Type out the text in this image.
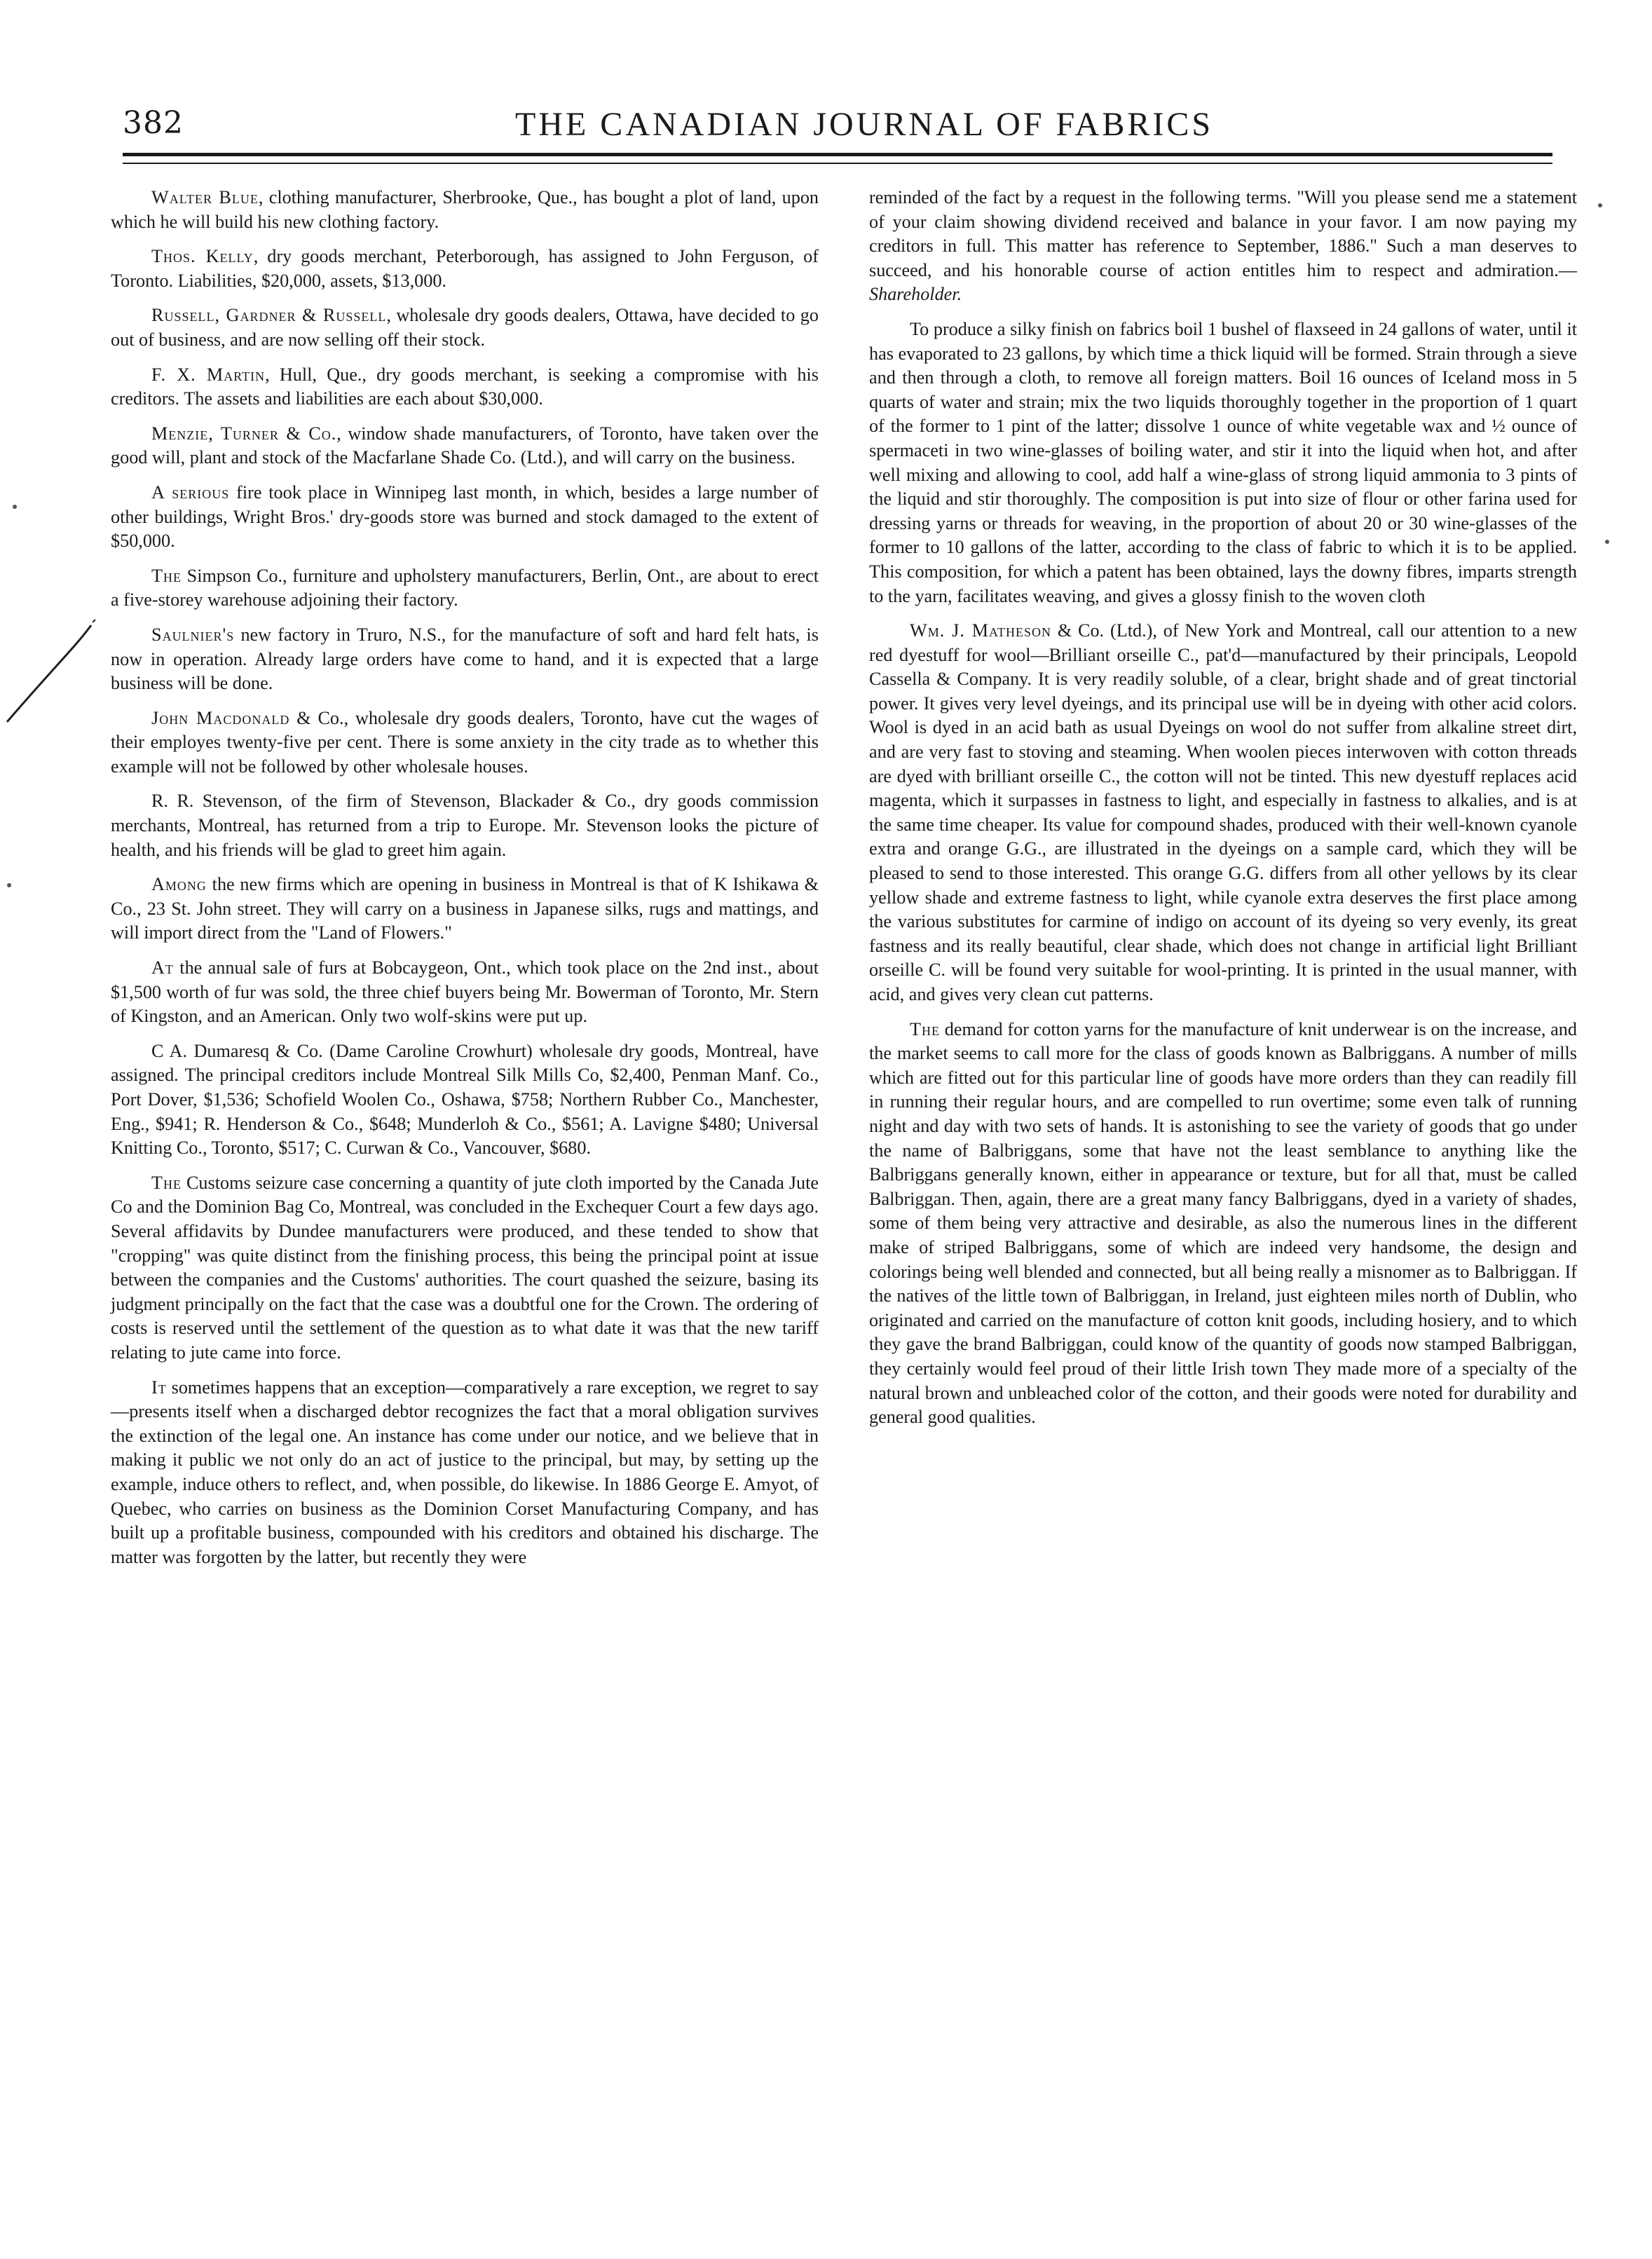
382	THE CANADIAN JOURNAL OF FABRICS

Walter Blue, clothing manufacturer, Sherbrooke, Que., has bought a plot of land, upon which he will build his new clothing factory.

Thos. Kelly, dry goods merchant, Peterborough, has assigned to John Ferguson, of Toronto. Liabilities, $20,000, assets, $13,000.

Russell, Gardner & Russell, wholesale dry goods dealers, Ottawa, have decided to go out of business, and are now selling off their stock.

F. X. Martin, Hull, Que., dry goods merchant, is seeking a compromise with his creditors. The assets and liabilities are each about $30,000.

Menzie, Turner & Co., window shade manufacturers, of Toronto, have taken over the good will, plant and stock of the Macfarlane Shade Co. (Ltd.), and will carry on the business.

A serious fire took place in Winnipeg last month, in which, besides a large number of other buildings, Wright Bros.' dry-goods store was burned and stock damaged to the extent of $50,000.

The Simpson Co., furniture and upholstery manufacturers, Berlin, Ont., are about to erect a five-storey warehouse adjoining their factory.

Saulnier's new factory in Truro, N.S., for the manufacture of soft and hard felt hats, is now in operation. Already large orders have come to hand, and it is expected that a large business will be done.

John Macdonald & Co., wholesale dry goods dealers, Toronto, have cut the wages of their employes twenty-five per cent. There is some anxiety in the city trade as to whether this example will not be followed by other wholesale houses.

R. R. Stevenson, of the firm of Stevenson, Blackader & Co., dry goods commission merchants, Montreal, has returned from a trip to Europe. Mr. Stevenson looks the picture of health, and his friends will be glad to greet him again.

Among the new firms which are opening in business in Montreal is that of K Ishikawa & Co., 23 St. John street. They will carry on a business in Japanese silks, rugs and mattings, and will import direct from the "Land of Flowers."

At the annual sale of furs at Bobcaygeon, Ont., which took place on the 2nd inst., about $1,500 worth of fur was sold, the three chief buyers being Mr. Bowerman of Toronto, Mr. Stern of Kingston, and an American. Only two wolf-skins were put up.

C A. Dumaresq & Co. (Dame Caroline Crowhurt) wholesale dry goods, Montreal, have assigned. The principal creditors include Montreal Silk Mills Co, $2,400, Penman Manf. Co., Port Dover, $1,536; Schofield Woolen Co., Oshawa, $758; Northern Rubber Co., Manchester, Eng., $941; R. Henderson & Co., $648; Munderloh & Co., $561; A. Lavigne $480; Universal Knitting Co., Toronto, $517; C. Curwan & Co., Vancouver, $680.

The Customs seizure case concerning a quantity of jute cloth imported by the Canada Jute Co and the Dominion Bag Co, Montreal, was concluded in the Exchequer Court a few days ago. Several affidavits by Dundee manufacturers were produced, and these tended to show that "cropping" was quite distinct from the finishing process, this being the principal point at issue between the companies and the Customs' authorities. The court quashed the seizure, basing its judgment principally on the fact that the case was a doubtful one for the Crown. The ordering of costs is reserved until the settlement of the question as to what date it was that the new tariff relating to jute came into force.

It sometimes happens that an exception—comparatively a rare exception, we regret to say—presents itself when a discharged debtor recognizes the fact that a moral obligation survives the extinction of the legal one. An instance has come under our notice, and we believe that in making it public we not only do an act of justice to the principal, but may, by setting up the example, induce others to reflect, and, when possible, do likewise. In 1886 George E. Amyot, of Quebec, who carries on business as the Dominion Corset Manufacturing Company, and has built up a profitable business, compounded with his creditors and obtained his discharge. The matter was forgotten by the latter, but recently they were

reminded of the fact by a request in the following terms. "Will you please send me a statement of your claim showing dividend received and balance in your favor. I am now paying my creditors in full. This matter has reference to September, 1886." Such a man deserves to succeed, and his honorable course of action entitles him to respect and admiration.—Shareholder.

To produce a silky finish on fabrics boil 1 bushel of flaxseed in 24 gallons of water, until it has evaporated to 23 gallons, by which time a thick liquid will be formed. Strain through a sieve and then through a cloth, to remove all foreign matters. Boil 16 ounces of Iceland moss in 5 quarts of water and strain; mix the two liquids thoroughly together in the proportion of 1 quart of the former to 1 pint of the latter; dissolve 1 ounce of white vegetable wax and ½ ounce of spermaceti in two wine-glasses of boiling water, and stir it into the liquid when hot, and after well mixing and allowing to cool, add half a wine-glass of strong liquid ammonia to 3 pints of the liquid and stir thoroughly. The composition is put into size of flour or other farina used for dressing yarns or threads for weaving, in the proportion of about 20 or 30 wine-glasses of the former to 10 gallons of the latter, according to the class of fabric to which it is to be applied. This composition, for which a patent has been obtained, lays the downy fibres, imparts strength to the yarn, facilitates weaving, and gives a glossy finish to the woven cloth

Wm. J. Matheson & Co. (Ltd.), of New York and Montreal, call our attention to a new red dyestuff for wool—Brilliant orseille C., pat'd—manufactured by their principals, Leopold Cassella & Company. It is very readily soluble, of a clear, bright shade and of great tinctorial power. It gives very level dyeings, and its principal use will be in dyeing with other acid colors. Wool is dyed in an acid bath as usual Dyeings on wool do not suffer from alkaline street dirt, and are very fast to stoving and steaming. When woolen pieces interwoven with cotton threads are dyed with brilliant orseille C., the cotton will not be tinted. This new dyestuff replaces acid magenta, which it surpasses in fastness to light, and especially in fastness to alkalies, and is at the same time cheaper. Its value for compound shades, produced with their well-known cyanole extra and orange G.G., are illustrated in the dyeings on a sample card, which they will be pleased to send to those interested. This orange G.G. differs from all other yellows by its clear yellow shade and extreme fastness to light, while cyanole extra deserves the first place among the various substitutes for carmine of indigo on account of its dyeing so very evenly, its great fastness and its really beautiful, clear shade, which does not change in artificial light Brilliant orseille C. will be found very suitable for wool-printing. It is printed in the usual manner, with acid, and gives very clean cut patterns.

The demand for cotton yarns for the manufacture of knit underwear is on the increase, and the market seems to call more for the class of goods known as Balbriggans. A number of mills which are fitted out for this particular line of goods have more orders than they can readily fill in running their regular hours, and are compelled to run overtime; some even talk of running night and day with two sets of hands. It is astonishing to see the variety of goods that go under the name of Balbriggans, some that have not the least semblance to anything like the Balbriggans generally known, either in appearance or texture, but for all that, must be called Balbriggan. Then, again, there are a great many fancy Balbriggans, dyed in a variety of shades, some of them being very attractive and desirable, as also the numerous lines in the different make of striped Balbriggans, some of which are indeed very handsome, the design and colorings being well blended and connected, but all being really a misnomer as to Balbriggan. If the natives of the little town of Balbriggan, in Ireland, just eighteen miles north of Dublin, who originated and carried on the manufacture of cotton knit goods, including hosiery, and to which they gave the brand Balbriggan, could know of the quantity of goods now stamped Balbriggan, they certainly would feel proud of their little Irish town They made more of a specialty of the natural brown and unbleached color of the cotton, and their goods were noted for durability and general good qualities.
